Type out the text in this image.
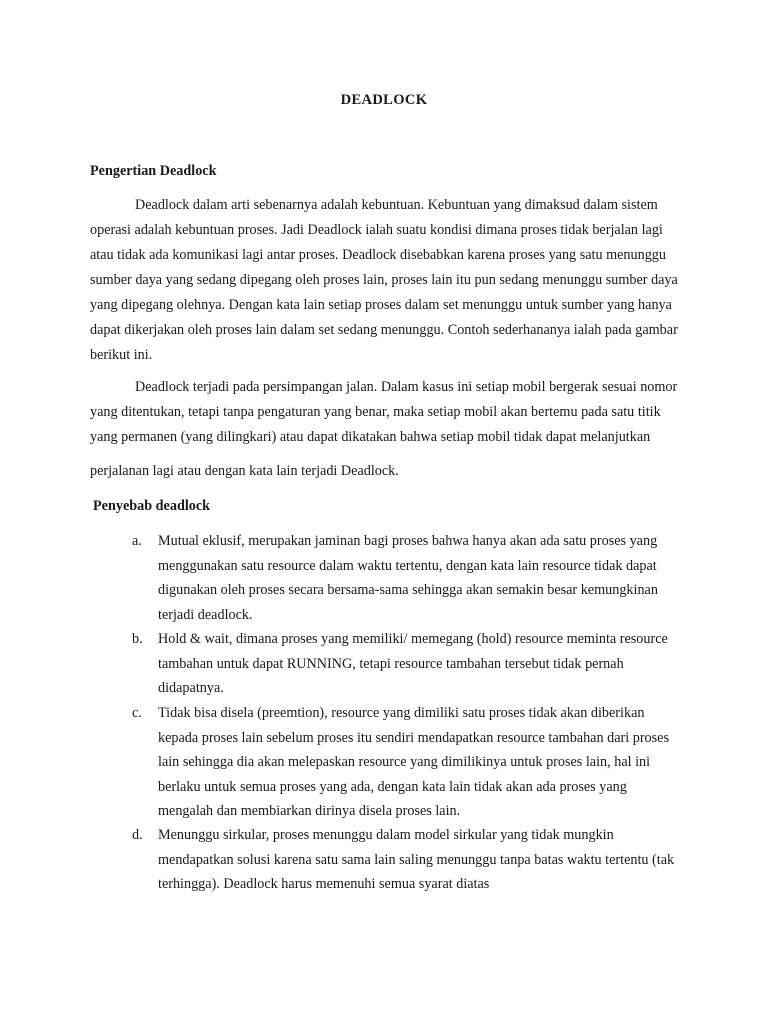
DEADLOCK
Pengertian Deadlock

Deadlock dalam arti sebenarnya adalah kebuntuan. Kebuntuan yang dimaksud dalam sistem operasi adalah kebuntuan proses. Jadi Deadlock ialah suatu kondisi dimana proses tidak berjalan lagi atau tidak ada komunikasi lagi antar proses. Deadlock disebabkan karena proses yang satu menunggu sumber daya yang sedang dipegang oleh proses lain, proses lain itu pun sedang menunggu sumber daya yang dipegang olehnya. Dengan kata lain setiap proses dalam set menunggu untuk sumber yang hanya dapat dikerjakan oleh proses lain dalam set sedang menunggu. Contoh sederhananya ialah pada gambar berikut ini.

Deadlock terjadi pada persimpangan jalan. Dalam kasus ini setiap mobil bergerak sesuai nomor yang ditentukan, tetapi tanpa pengaturan yang benar, maka setiap mobil akan bertemu pada satu titik yang permanen (yang dilingkari) atau dapat dikatakan bahwa setiap mobil tidak dapat melanjutkan

perjalanan lagi atau dengan kata lain terjadi Deadlock.

Penyebab deadlock
a. Mutual eklusif, merupakan jaminan bagi proses bahwa hanya akan ada satu proses yang menggunakan satu resource dalam waktu tertentu, dengan kata lain resource tidak dapat digunakan oleh proses secara bersama-sama sehingga akan semakin besar kemungkinan terjadi deadlock.
b. Hold & wait, dimana proses yang memiliki/ memegang (hold) resource meminta resource tambahan untuk dapat RUNNING, tetapi resource tambahan tersebut tidak pernah didapatnya.
c. Tidak bisa disela (preemtion), resource yang dimiliki satu proses tidak akan diberikan kepada proses lain sebelum proses itu sendiri mendapatkan resource tambahan dari proses lain sehingga dia akan melepaskan resource yang dimilikinya untuk proses lain, hal ini berlaku untuk semua proses yang ada, dengan kata lain tidak akan ada proses yang mengalah dan membiarkan dirinya disela proses lain.
d. Menunggu sirkular, proses menunggu dalam model sirkular yang tidak mungkin mendapatkan solusi karena satu sama lain saling menunggu tanpa batas waktu tertentu (tak terhingga). Deadlock harus memenuhi semua syarat diatas
